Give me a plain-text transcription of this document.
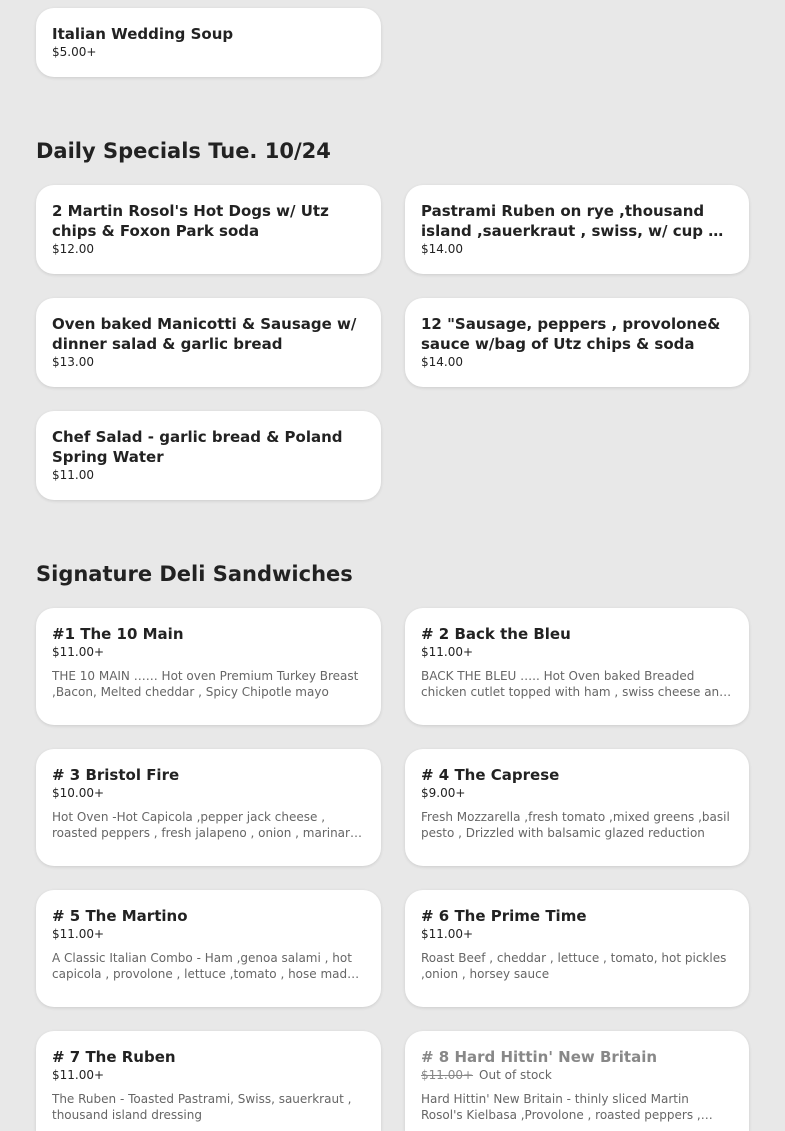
Italian Wedding Soup
$5.00+
Daily Specials Tue. 10/24
2 Martin Rosol's Hot Dogs w/ Utz chips & Foxon Park soda
$12.00
Pastrami Ruben on rye ,thousand island ,sauerkraut , swiss, w/ cup of
$14.00
Oven baked Manicotti & Sausage w/ dinner salad & garlic bread
$13.00
12 "Sausage, peppers , provolone& sauce w/bag of Utz chips & soda
$14.00
Chef Salad - garlic bread & Poland Spring Water
$11.00
Signature Deli Sandwiches
#1 The 10 Main
$11.00+
THE 10 MAIN …… Hot oven Premium Turkey Breast ,Bacon, Melted cheddar , Spicy Chipotle mayo
# 2 Back the Bleu
$11.00+
BACK THE BLEU ….. Hot Oven baked Breaded chicken cutlet topped with ham , swiss cheese and
# 3 Bristol Fire
$10.00+
Hot Oven -Hot Capicola ,pepper jack cheese , roasted peppers , fresh jalapeno , onion , marinara
# 4 The Caprese
$9.00+
Fresh Mozzarella ,fresh tomato ,mixed greens ,basil pesto , Drizzled with balsamic glazed reduction
# 5 The Martino
$11.00+
A Classic Italian Combo - Ham ,genoa salami , hot capicola , provolone , lettuce ,tomato , hose made
# 6 The Prime Time
$11.00+
Roast Beef , cheddar , lettuce , tomato, hot pickles ,onion , horsey sauce
# 7 The Ruben
$11.00+
The Ruben - Toasted Pastrami, Swiss, sauerkraut , thousand island dressing
# 8 Hard Hittin' New Britain
$11.00+ Out of stock
Hard Hittin' New Britain - thinly sliced Martin Rosol's Kielbasa ,Provolone , roasted peppers ,
